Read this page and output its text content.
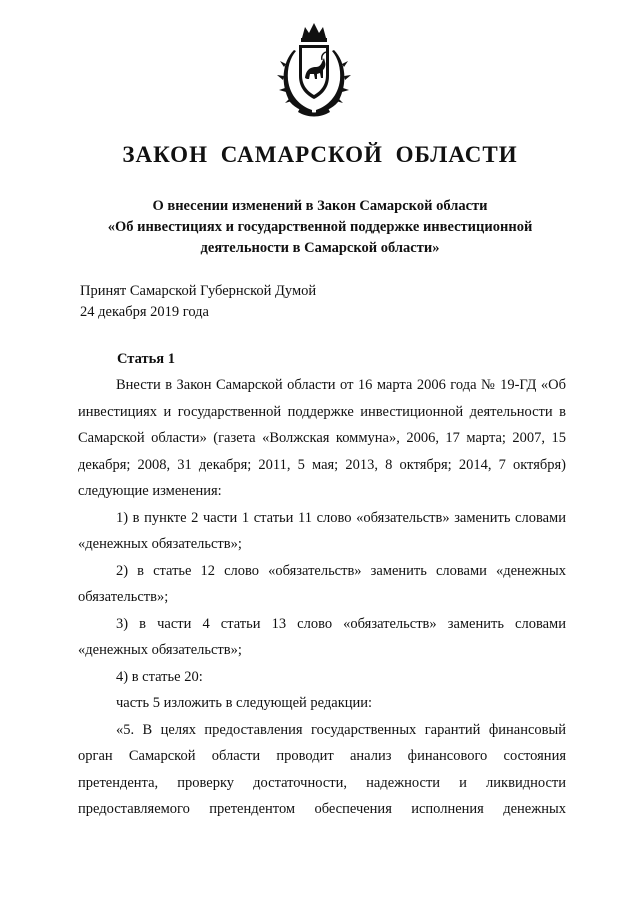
ЗАКОН САМАРСКОЙ ОБЛАСТИ
О внесении изменений в Закон Самарской области
«Об инвестициях и государственной поддержке инвестиционной
деятельности в Самарской области»
Принят Самарской Губернской Думой
24 декабря 2019 года
Статья 1

Внести в Закон Самарской области от 16 марта 2006 года № 19-ГД «Об инвестициях и государственной поддержке инвестиционной деятельности в Самарской области» (газета «Волжская коммуна», 2006, 17 марта; 2007, 15 декабря; 2008, 31 декабря; 2011, 5 мая; 2013, 8 октября; 2014, 7 октября) следующие изменения:

1) в пункте 2 части 1 статьи 11 слово «обязательств» заменить словами «денежных обязательств»;

2) в статье 12 слово «обязательств» заменить словами «денежных обязательств»;

3) в части 4 статьи 13 слово «обязательств» заменить словами «денежных обязательств»;

4) в статье 20:

часть 5 изложить в следующей редакции:

«5. В целях предоставления государственных гарантий финансовый орган Самарской области проводит анализ финансового состояния претендента, проверку достаточности, надежности и ликвидности предоставляемого претендентом обеспечения исполнения денежных
